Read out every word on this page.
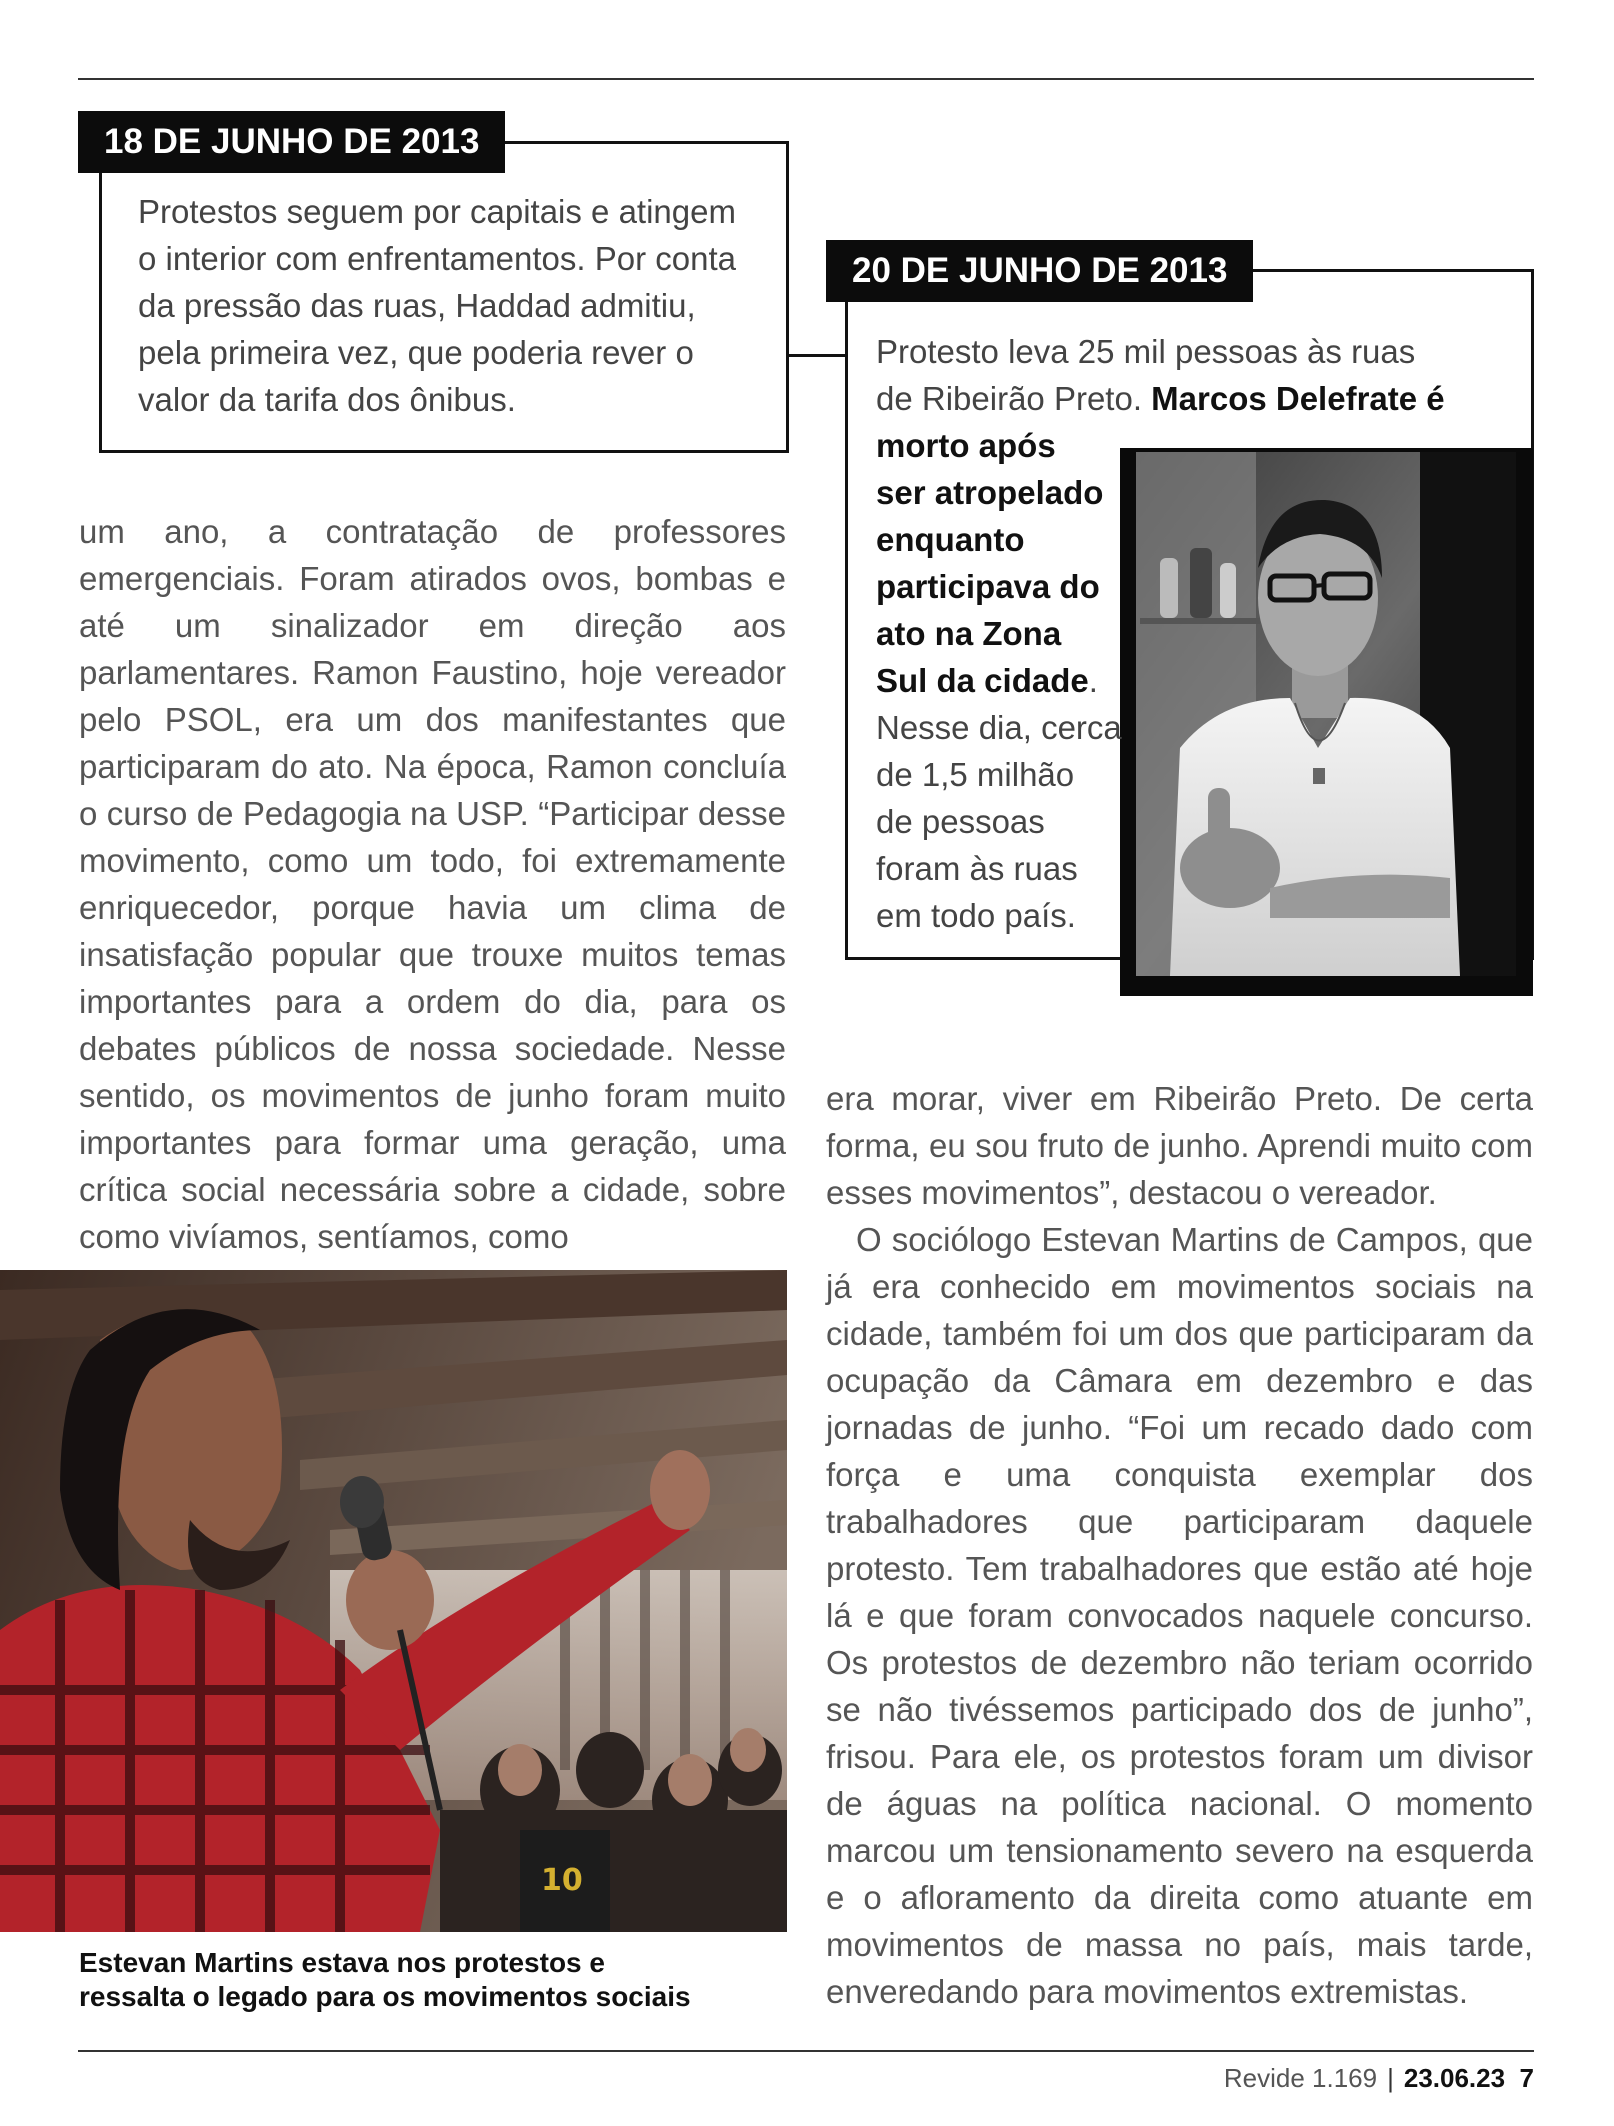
18 DE JUNHO DE 2013
Protestos seguem por capitais e atingem o interior com enfrentamentos. Por conta da pressão das ruas, Haddad admitiu, pela primeira vez, que poderia rever o valor da tarifa dos ônibus.
20 DE JUNHO DE 2013
Protesto leva 25 mil pessoas às ruas
de Ribeirão Preto. Marcos Delefrate é
morto após
ser atropelado
enquanto
participava do
ato na Zona
Sul da cidade.
Nesse dia, cerca
de 1,5 milhão
de pessoas
foram às ruas
em todo país.

um ano, a contratação de professores emergenciais. Foram atirados ovos, bombas e até um sinalizador em direção aos parlamentares. Ramon Faustino, hoje vereador pelo PSOL, era um dos manifestantes que participaram do ato. Na época, Ramon concluía o curso de Pedagogia na USP. “Participar desse movimento, como um todo, foi extremamente enriquecedor, porque havia um clima de insatisfação popular que trouxe muitos temas importantes para a ordem do dia, para os debates públicos de nossa sociedade. Nesse sentido, os movimentos de junho foram muito importantes para formar uma geração, uma crítica social necessária sobre a cidade, sobre como vivíamos, sentíamos, como

10
Estevan Martins estava nos protestos e
ressalta o legado para os movimentos sociais

era morar, viver em Ribeirão Preto. De certa forma, eu sou fruto de junho. Aprendi muito com esses movimentos”, destacou o vereador.

O sociólogo Estevan Martins de Campos, que já era conhecido em movimentos sociais na cidade, também foi um dos que participaram da ocupação da Câmara em dezembro e das jornadas de junho. “Foi um recado dado com força e uma conquista exemplar dos trabalhadores que participaram daquele protesto. Tem trabalhadores que estão até hoje lá e que foram convocados naquele concurso. Os protestos de dezembro não teriam ocorrido se não tivéssemos participado dos de junho”, frisou. Para ele, os protestos foram um divisor de águas na política nacional. O momento marcou um tensionamento severo na esquerda e o afloramento da direita como atuante em movimentos de massa no país, mais tarde, enveredando para movimentos extremistas.

Revide 1.169 | 23.06.23 7
